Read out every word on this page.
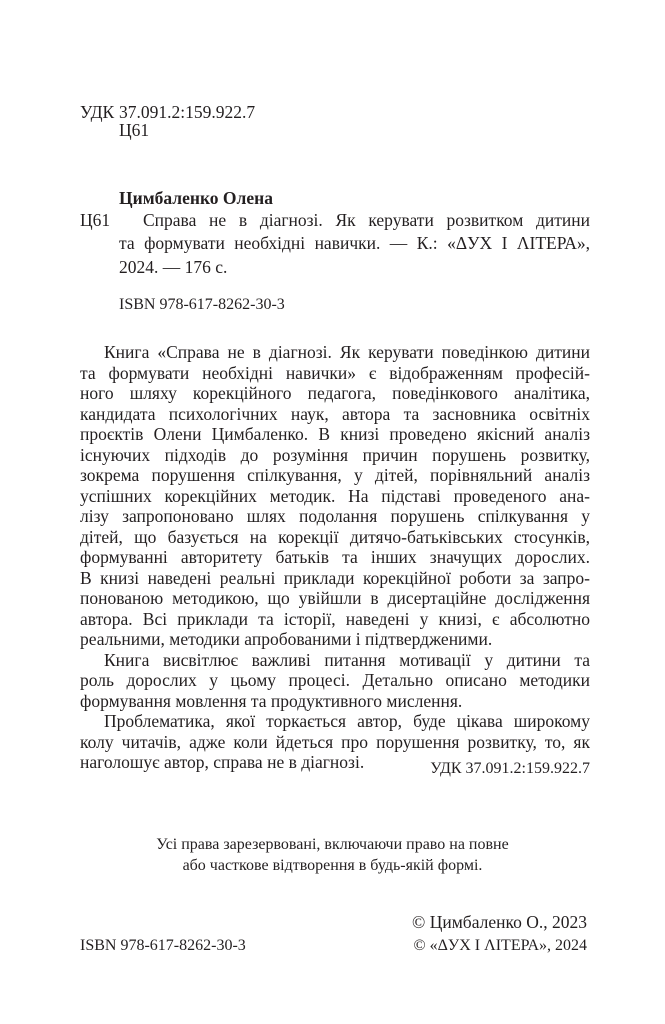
УДК 37.091.2:159.922.7
Ц61
Цимбаленко Олена
Ц61 Справа не в діагнозі. Як керувати розвитком дитини
та формувати необхідні навички. — К.: «ΔУХ І ΛІТЕРА»,
2024. — 176 с.
ISBN 978-617-8262-30-3
Книга «Справа не в діагнозі. Як керувати поведінкою дитини
та формувати необхідні навички» є відображенням професій-
ного шляху корекційного педагога, поведінкового аналітика,
кандидата психологічних наук, автора та засновника освітніх
проєктів Олени Цимбаленко. В книзі проведено якісний аналіз
існуючих підходів до розуміння причин порушень розвитку,
зокрема порушення спілкування, у дітей, порівняльний аналіз
успішних корекційних методик. На підставі проведеного ана-
лізу запропоновано шлях подолання порушень спілкування у
дітей, що базується на корекції дитячо-батьківських стосунків,
формуванні авторитету батьків та інших значущих дорослих.
В книзі наведені реальні приклади корекційної роботи за запро-
понованою методикою, що увійшли в дисертаційне дослідження
автора. Всі приклади та історії, наведені у книзі, є абсолютно
реальними, методики апробованими і підтвердженими.
Книга висвітлює важливі питання мотивації у дитини та
роль дорослих у цьому процесі. Детально описано методики
формування мовлення та продуктивного мислення.
Проблематика, якої торкається автор, буде цікава широкому
колу читачів, адже коли йдеться про порушення розвитку, то, як
наголошує автор, справа не в діагнозі.	УДК 37.091.2:159.922.7
Усі права зарезервовані, включаючи право на повне
або часткове відтворення в будь-якій формі.
© Цимбаленко О., 2023
ISBN 978-617-8262-30-3	© «ΔУХ І ΛІТЕРА», 2024
